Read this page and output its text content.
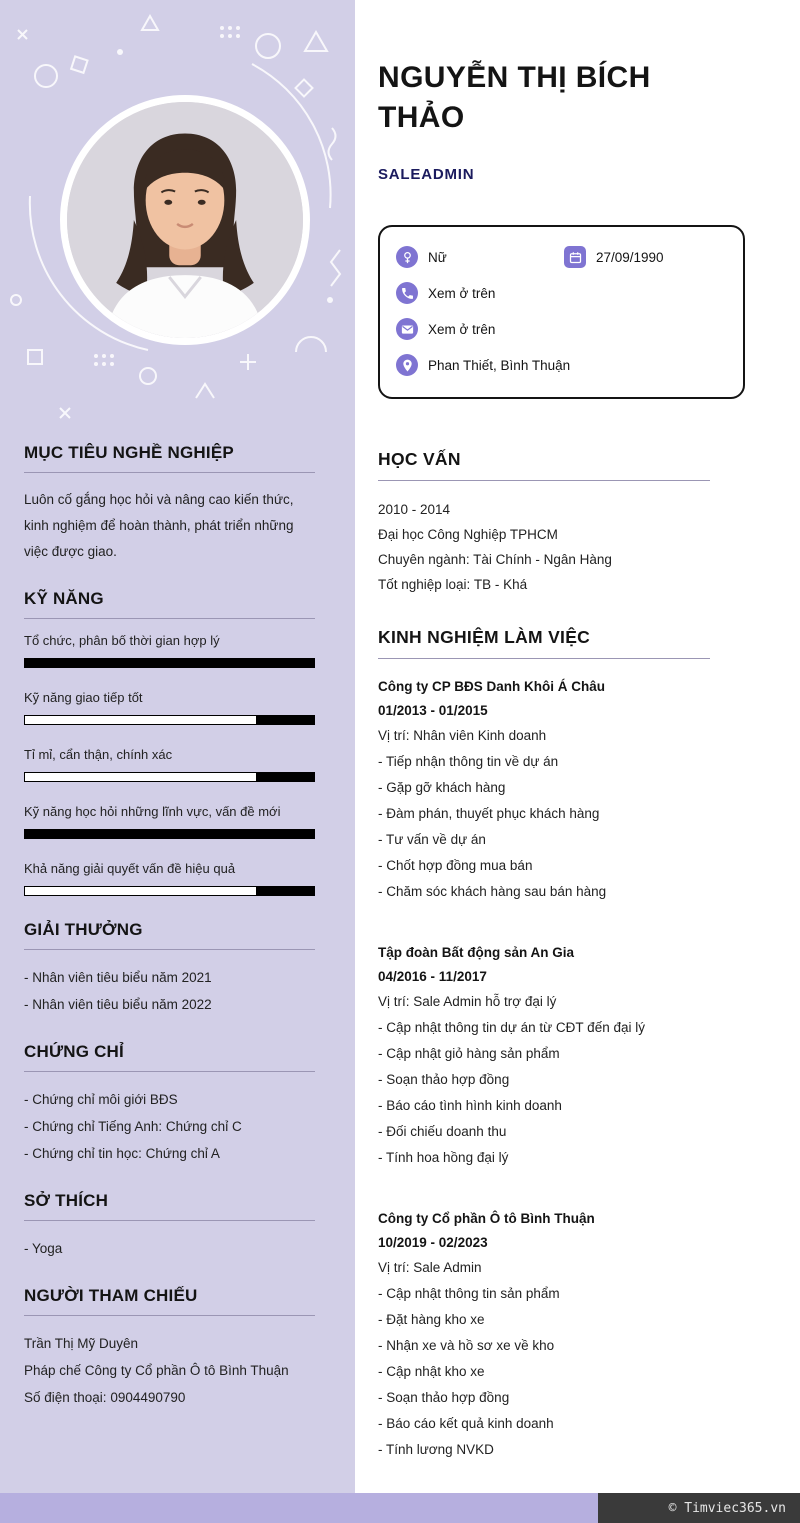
MỤC TIÊU NGHỀ NGHIỆP

Luôn cố gắng học hỏi và nâng cao kiến thức, kinh nghiệm để hoàn thành, phát triển những việc được giao.

KỸ NĂNG
Tổ chức, phân bố thời gian hợp lý
Kỹ năng giao tiếp tốt
Tỉ mỉ, cẩn thận, chính xác
Kỹ năng học hỏi những lĩnh vực, vấn đề mới
Khả năng giải quyết vấn đề hiệu quả
GIẢI THƯỞNG
- Nhân viên tiêu biểu năm 2021
- Nhân viên tiêu biểu năm 2022
CHỨNG CHỈ
- Chứng chỉ môi giới BĐS
- Chứng chỉ Tiếng Anh: Chứng chỉ C
- Chứng chỉ tin học: Chứng chỉ A
SỞ THÍCH
- Yoga
NGƯỜI THAM CHIẾU
Trần Thị Mỹ Duyên
Pháp chế Công ty Cổ phần Ô tô Bình Thuận
Số điện thoại: 0904490790
NGUYỄN THỊ BÍCH THẢO
SALEADMIN
Nữ	27/09/1990
Xem ở trên
Xem ở trên
Phan Thiết, Bình Thuận
HỌC VẤN
2010 - 2014
Đại học Công Nghiệp TPHCM
Chuyên ngành: Tài Chính - Ngân Hàng
Tốt nghiệp loại: TB - Khá
KINH NGHIỆM LÀM VIỆC
Công ty CP BĐS Danh Khôi Á Châu
01/2013 - 01/2015
Vị trí: Nhân viên Kinh doanh
- Tiếp nhận thông tin về dự án
- Gặp gỡ khách hàng
- Đàm phán, thuyết phục khách hàng
- Tư vấn về dự án
- Chốt hợp đồng mua bán
- Chăm sóc khách hàng sau bán hàng
Tập đoàn Bất động sản An Gia
04/2016 - 11/2017
Vị trí: Sale Admin hỗ trợ đại lý
- Cập nhật thông tin dự án từ CĐT đến đại lý
- Cập nhật giỏ hàng sản phẩm
- Soạn thảo hợp đồng
- Báo cáo tình hình kinh doanh
- Đối chiếu doanh thu
- Tính hoa hồng đại lý
Công ty Cổ phần Ô tô Bình Thuận
10/2019 - 02/2023
Vị trí: Sale Admin
- Cập nhật thông tin sản phẩm
- Đặt hàng kho xe
- Nhận xe và hồ sơ xe về kho
- Cập nhật kho xe
- Soạn thảo hợp đồng
- Báo cáo kết quả kinh doanh
- Tính lương NVKD
© Timviec365.vn
